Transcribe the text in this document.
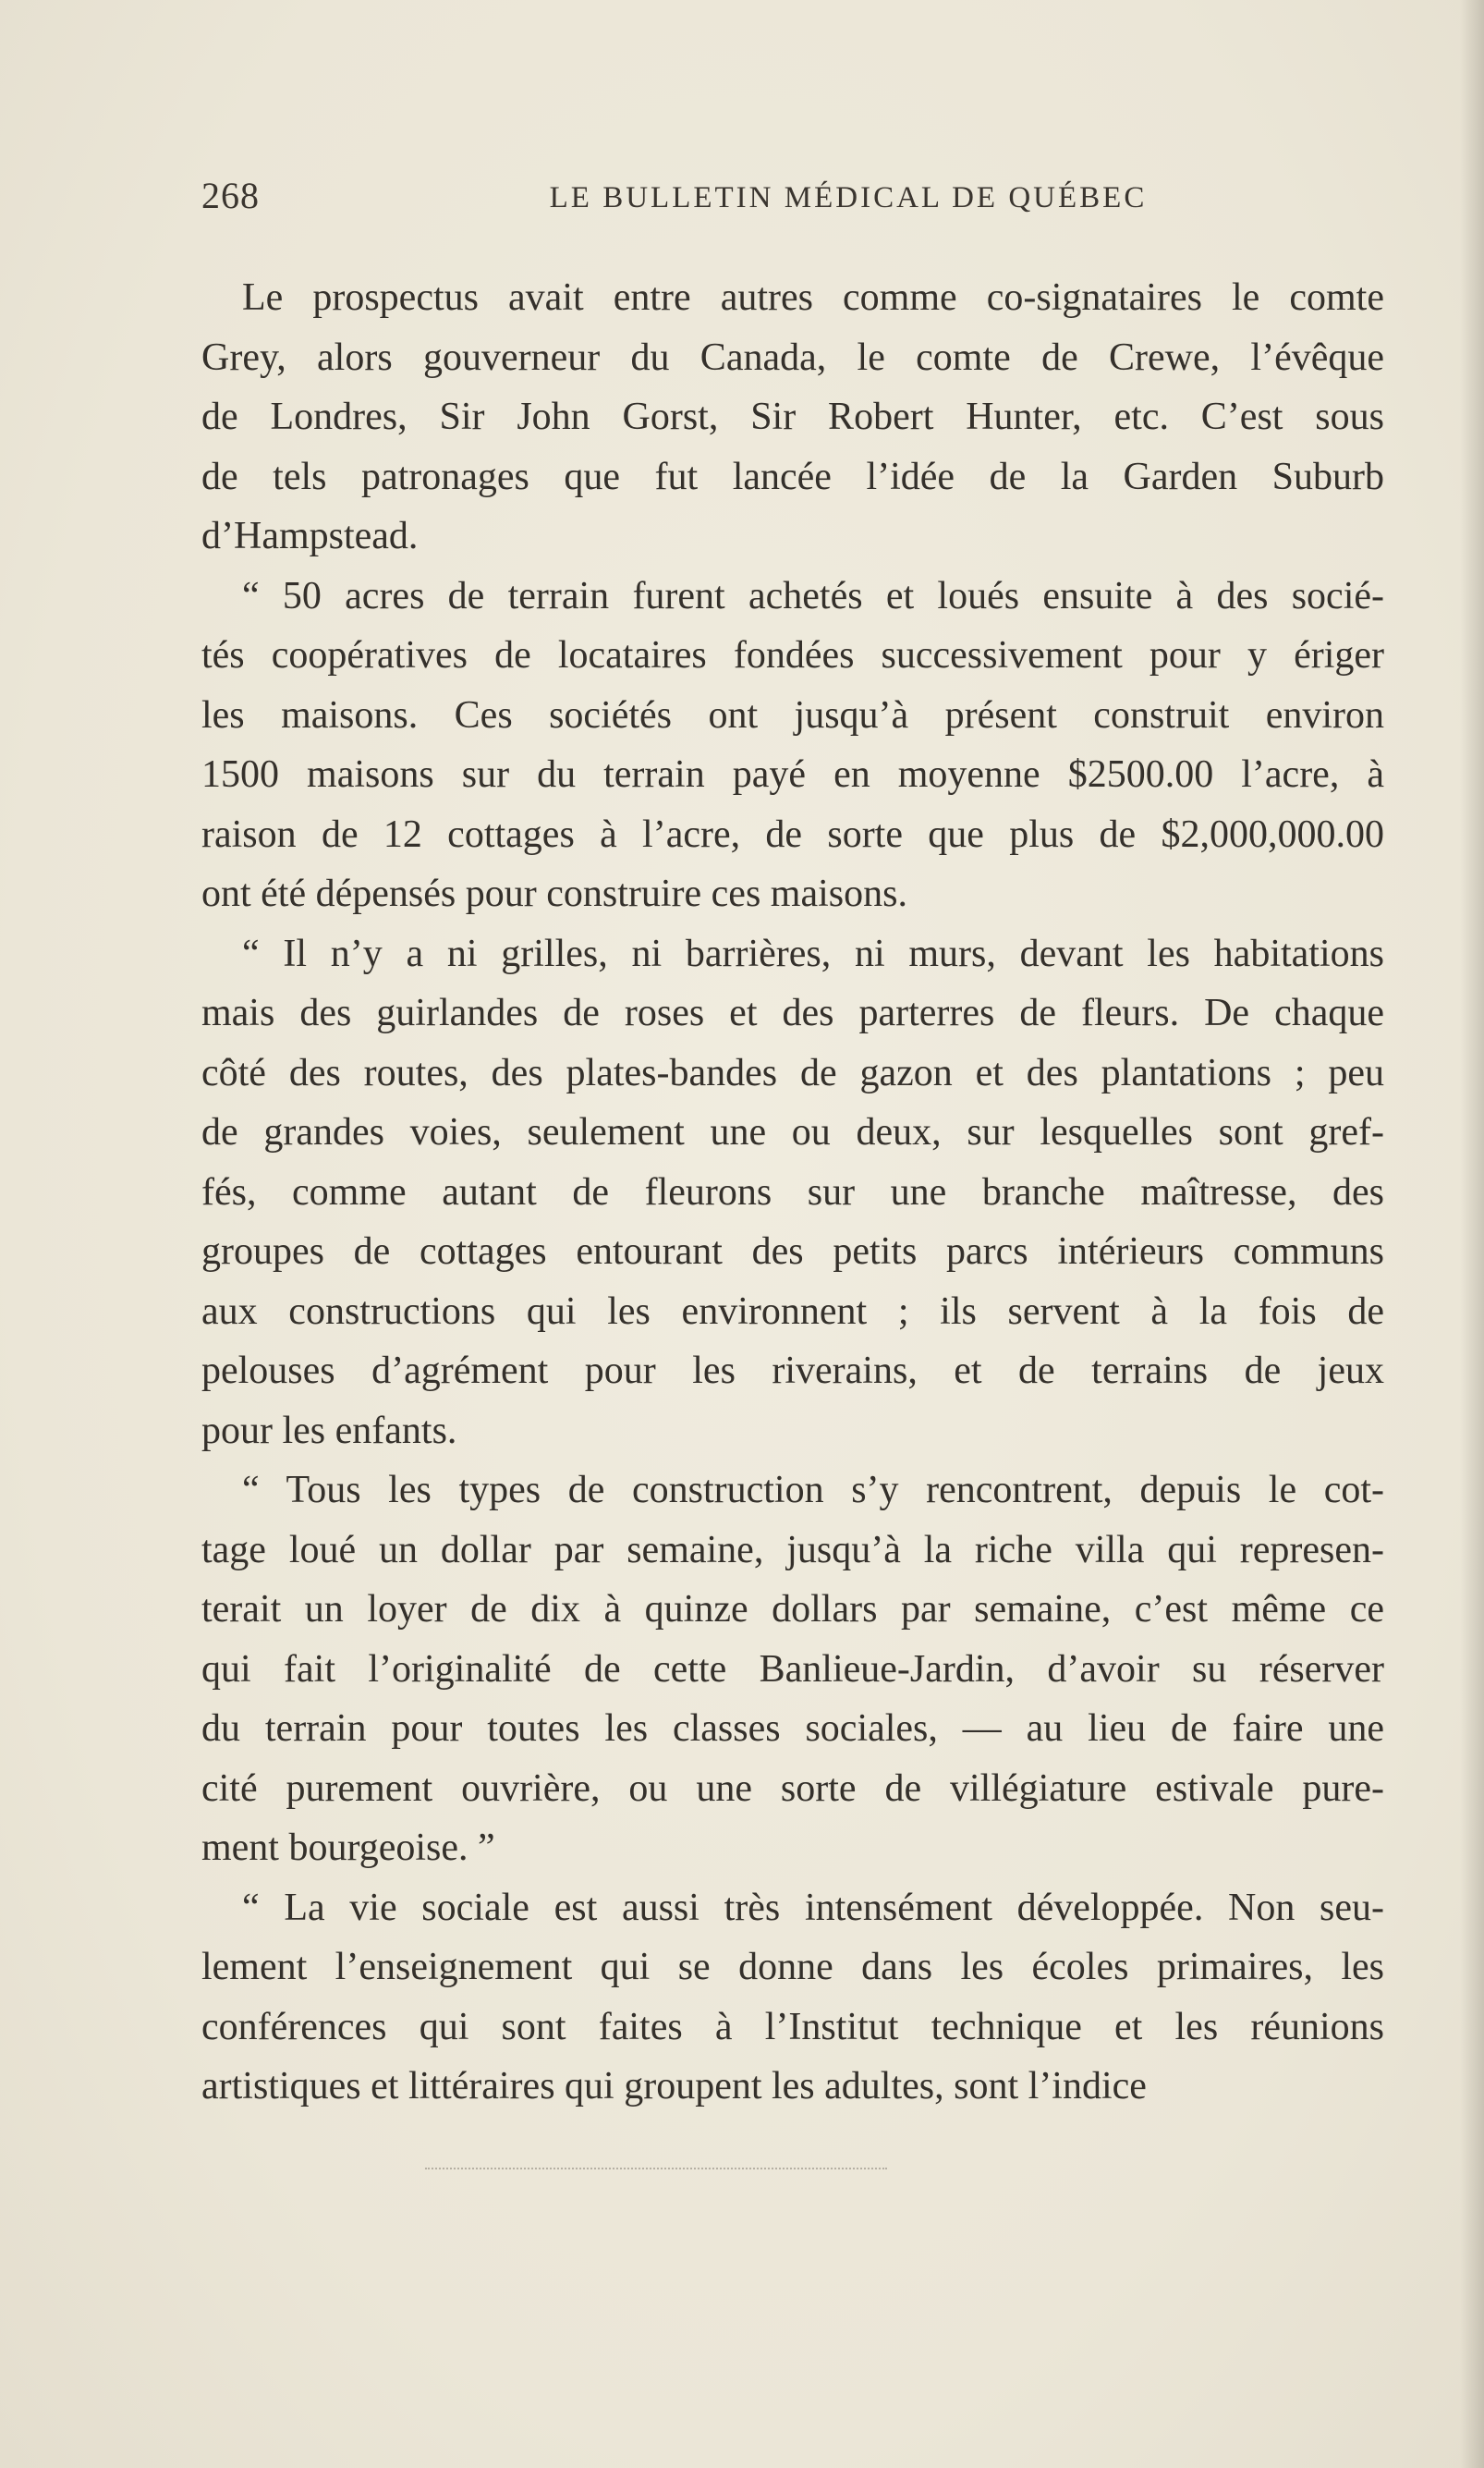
268	LE BULLETIN MÉDICAL DE QUÉBEC

Le prospectus avait entre autres comme co-signataires le comte
Grey, alors gouverneur du Canada, le comte de Crewe, l’évêque
de Londres, Sir John Gorst, Sir Robert Hunter, etc. C’est sous
de tels patronages que fut lancée l’idée de la Garden Suburb
d’Hampstead.

“ 50 acres de terrain furent achetés et loués ensuite à des socié-
tés coopératives de locataires fondées successivement pour y ériger
les maisons. Ces sociétés ont jusqu’à présent construit environ
1500 maisons sur du terrain payé en moyenne $2500.00 l’acre, à
raison de 12 cottages à l’acre, de sorte que plus de $2,000,000.00
ont été dépensés pour construire ces maisons.

“ Il n’y a ni grilles, ni barrières, ni murs, devant les habitations
mais des guirlandes de roses et des parterres de fleurs. De chaque
côté des routes, des plates-bandes de gazon et des plantations ; peu
de grandes voies, seulement une ou deux, sur lesquelles sont gref-
fés, comme autant de fleurons sur une branche maîtresse, des
groupes de cottages entourant des petits parcs intérieurs communs
aux constructions qui les environnent ; ils servent à la fois de
pelouses d’agrément pour les riverains, et de terrains de jeux
pour les enfants.

“ Tous les types de construction s’y rencontrent, depuis le cot-
tage loué un dollar par semaine, jusqu’à la riche villa qui represen-
terait un loyer de dix à quinze dollars par semaine, c’est même ce
qui fait l’originalité de cette Banlieue-Jardin, d’avoir su réserver
du terrain pour toutes les classes sociales, — au lieu de faire une
cité purement ouvrière, ou une sorte de villégiature estivale pure-
ment bourgeoise. ”

“ La vie sociale est aussi très intensément développée. Non seu-
lement l’enseignement qui se donne dans les écoles primaires, les
conférences qui sont faites à l’Institut technique et les réunions
artistiques et littéraires qui groupent les adultes, sont l’indice
